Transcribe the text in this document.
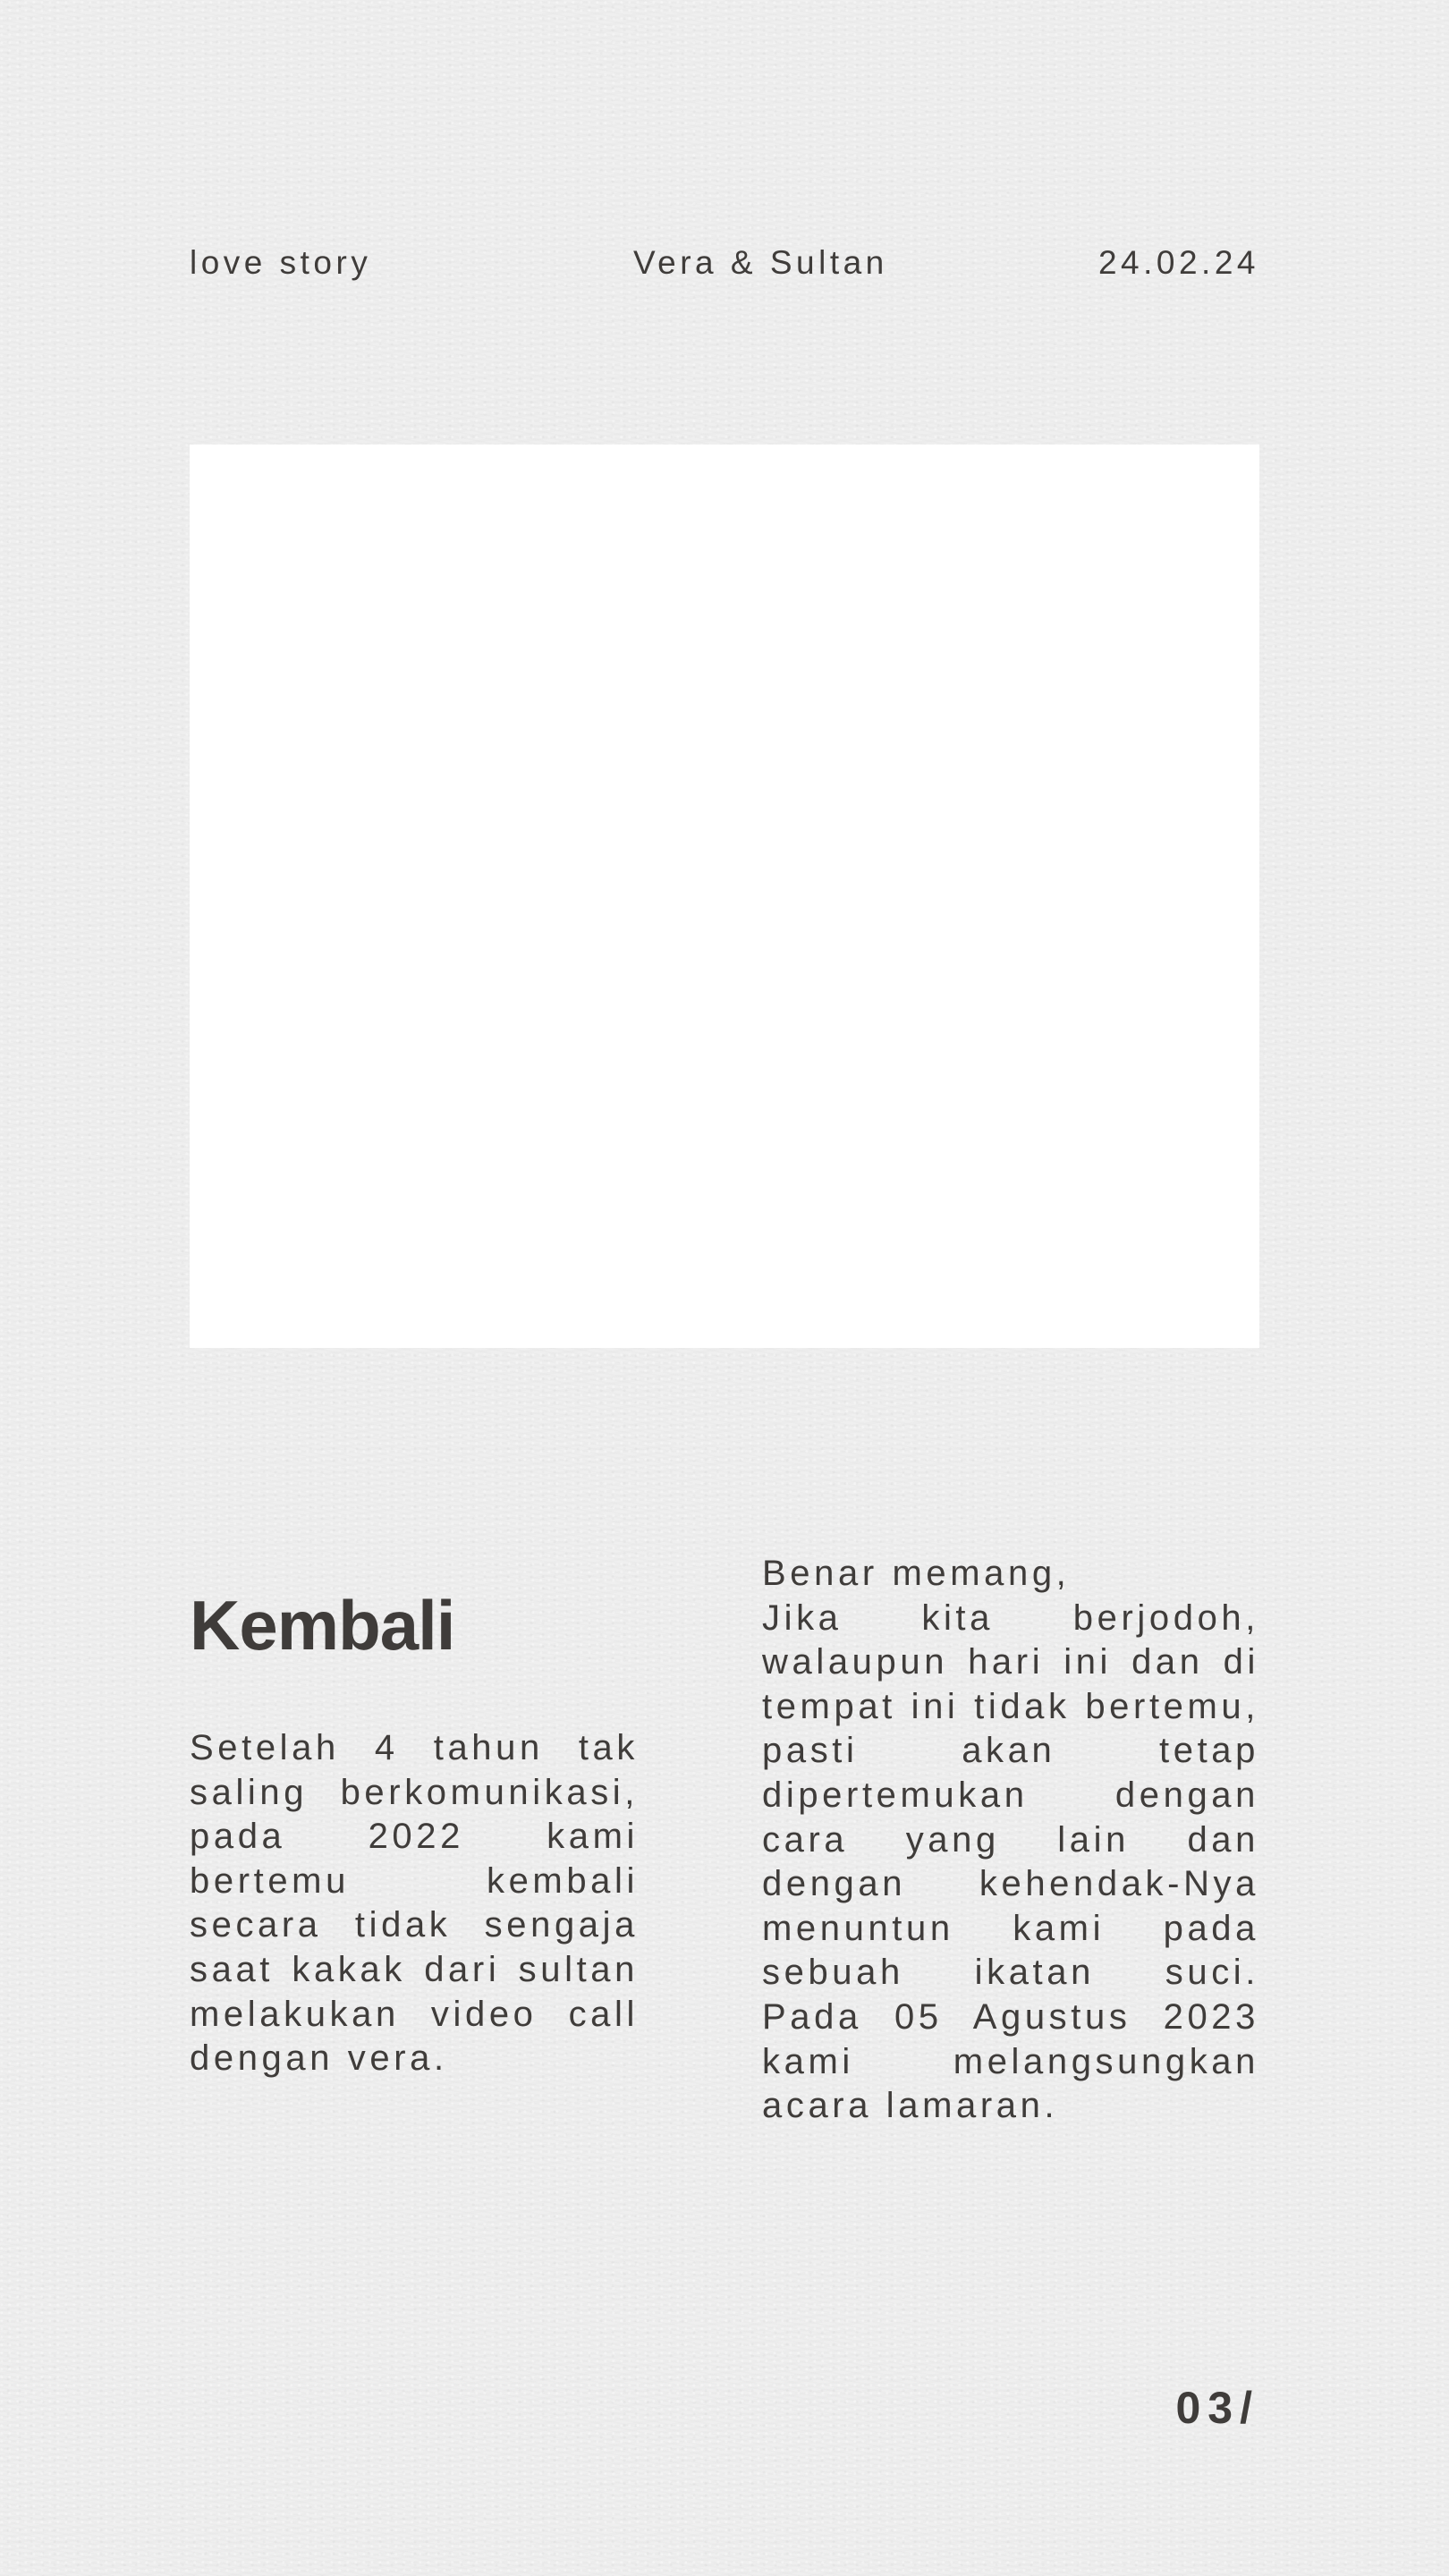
love story	Vera & Sultan	24.02.24
Kembali

Setelah 4 tahun tak saling berkomunikasi, pada 2022 kami bertemu kembali secara tidak sengaja saat kakak dari sultan melakukan video call dengan vera.

Benar memang,
Jika kita berjodoh, walaupun hari ini dan di tempat ini tidak bertemu, pasti akan tetap dipertemukan dengan cara yang lain dan dengan kehendak-Nya menuntun kami pada sebuah ikatan suci. Pada 05 Agustus 2023 kami melangsungkan acara lamaran.
03/
